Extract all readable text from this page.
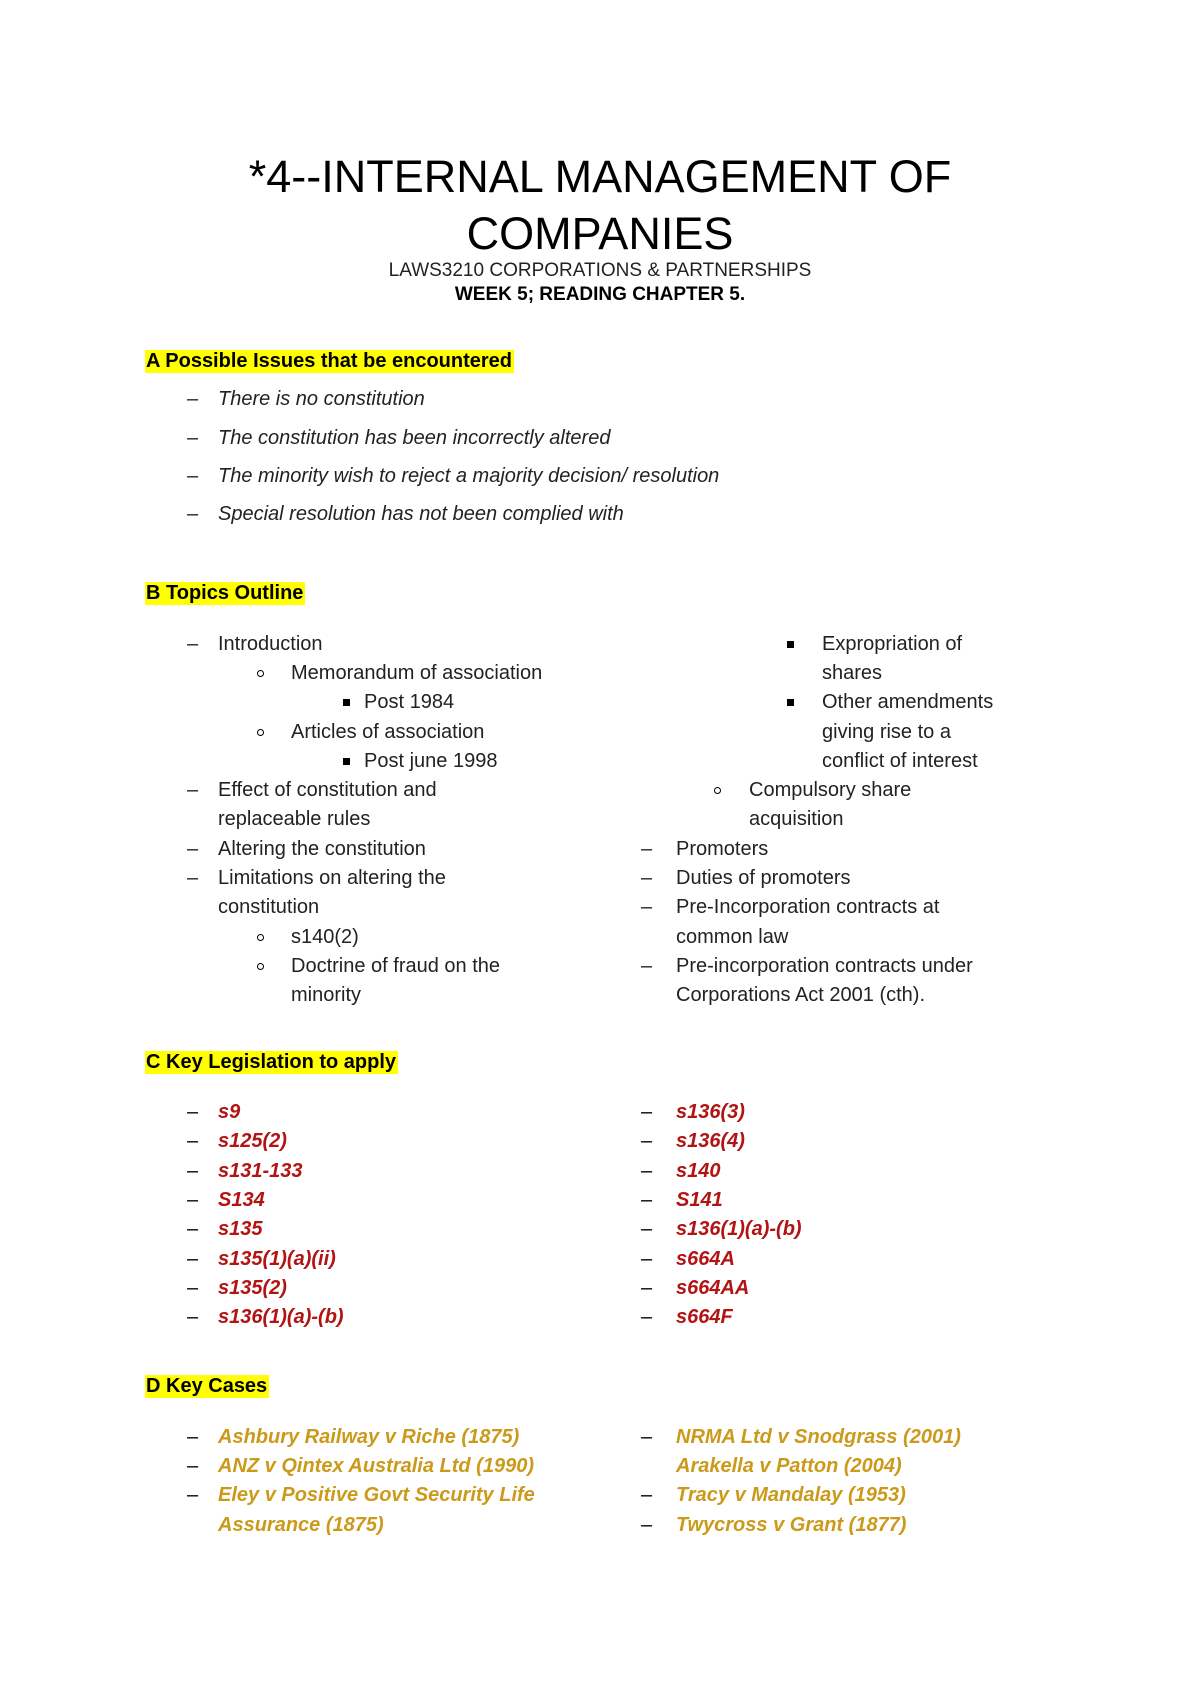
*4--INTERNAL MANAGEMENT OF
COMPANIES
LAWS3210 CORPORATIONS & PARTNERSHIPS
WEEK 5; READING CHAPTER 5.
A Possible Issues that be encountered
– There is no constitution
– The constitution has been incorrectly altered
– The minority wish to reject a majority decision/ resolution
– Special resolution has not been complied with
B Topics Outline
– Introduction
Memorandum of association
Post 1984
Articles of association
Post june 1998
– Effect of constitution and
replaceable rules
– Altering the constitution
– Limitations on altering the
constitution
s140(2)
Doctrine of fraud on the
minority
Expropriation of
shares
Other amendments
giving rise to a
conflict of interest
Compulsory share
acquisition
– Promoters
– Duties of promoters
– Pre-Incorporation contracts at
common law
– Pre-incorporation contracts under
Corporations Act 2001 (cth).
C Key Legislation to apply
– s9
– s125(2)
– s131-133
– S134
– s135
– s135(1)(a)(ii)
– s135(2)
– s136(1)(a)-(b)
– s136(3)
– s136(4)
– s140
– S141
– s136(1)(a)-(b)
– s664A
– s664AA
– s664F
D Key Cases
– Ashbury Railway v Riche (1875)
– ANZ v Qintex Australia Ltd (1990)
– Eley v Positive Govt Security Life
Assurance (1875)
– NRMA Ltd v Snodgrass (2001)
Arakella v Patton (2004)
– Tracy v Mandalay (1953)
– Twycross v Grant (1877)
